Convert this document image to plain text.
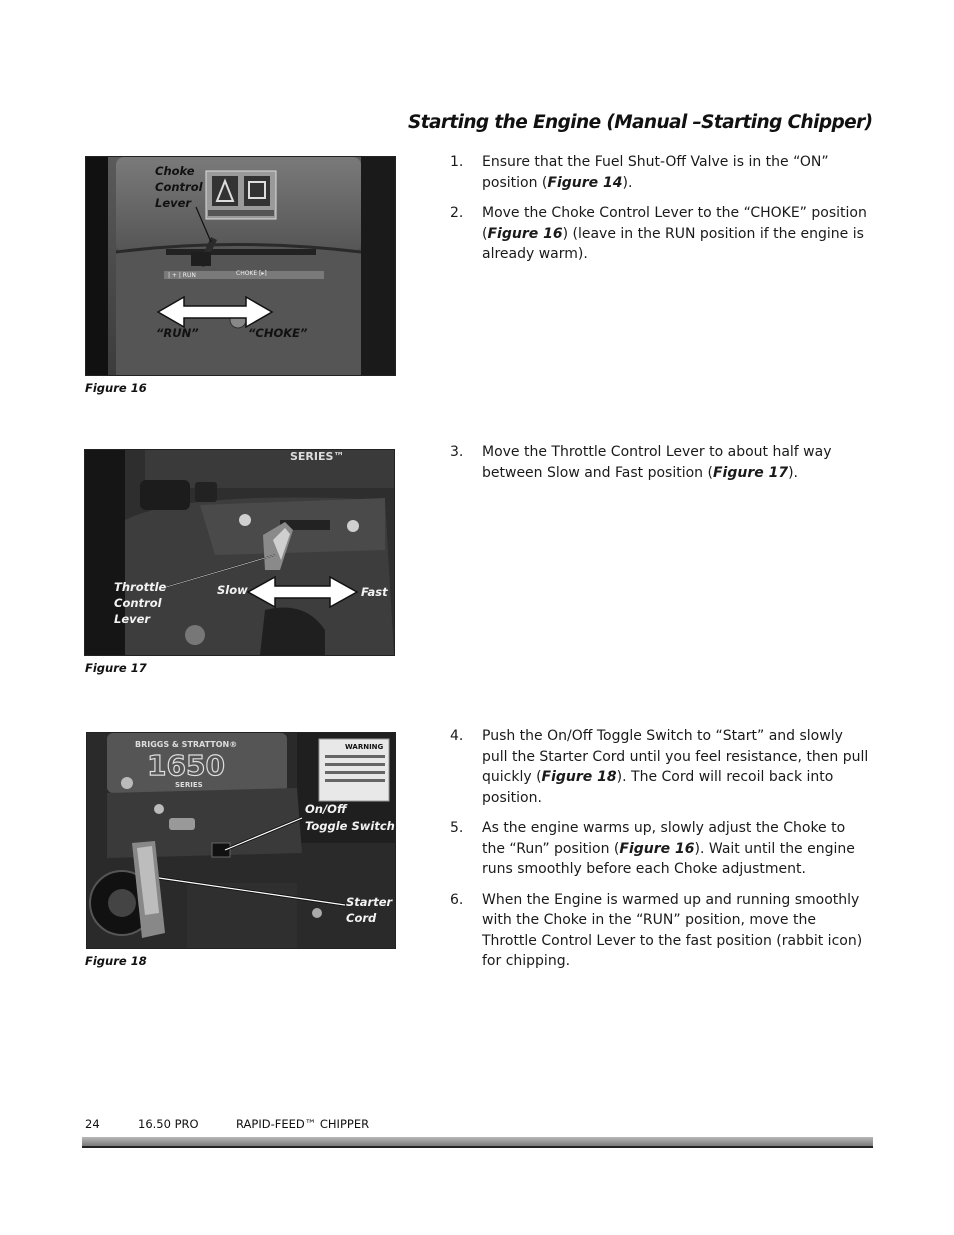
Starting the Engine (Manual –Starting Chipper)
| + | RUN	CHOKE [▸]
Choke
Control
Lever
“RUN”	“CHOKE”
Figure 16
SERIES™
Throttle
Control
Lever
Slow	Fast
Figure 17
WARNING
BRIGGS & STRATTON®
1650
SERIES
On/Off
Toggle Switch
Starter
Cord
Figure 18
1. Ensure that the Fuel Shut-Off Valve is in the “ON” position (Figure 14).
2. Move the Choke Control Lever to the “CHOKE” position (Figure 16) (leave in the RUN position if the engine is already warm).
3. Move the Throttle Control Lever to about half way between Slow and Fast position (Figure 17).
4. Push the On/Off Toggle Switch to “Start” and slowly pull the Starter Cord until you feel resistance, then pull quickly (Figure 18). The Cord will recoil back into position.
5. As the engine warms up, slowly adjust the Choke to the “Run” position (Figure 16). Wait until the engine runs smoothly before each Choke adjustment.
6. When the Engine is warmed up and running smoothly with the Choke in the “RUN” position, move the Throttle Control Lever to the fast position (rabbit icon) for chipping.
24	16.50 PRO	RAPID-FEED™ CHIPPER
